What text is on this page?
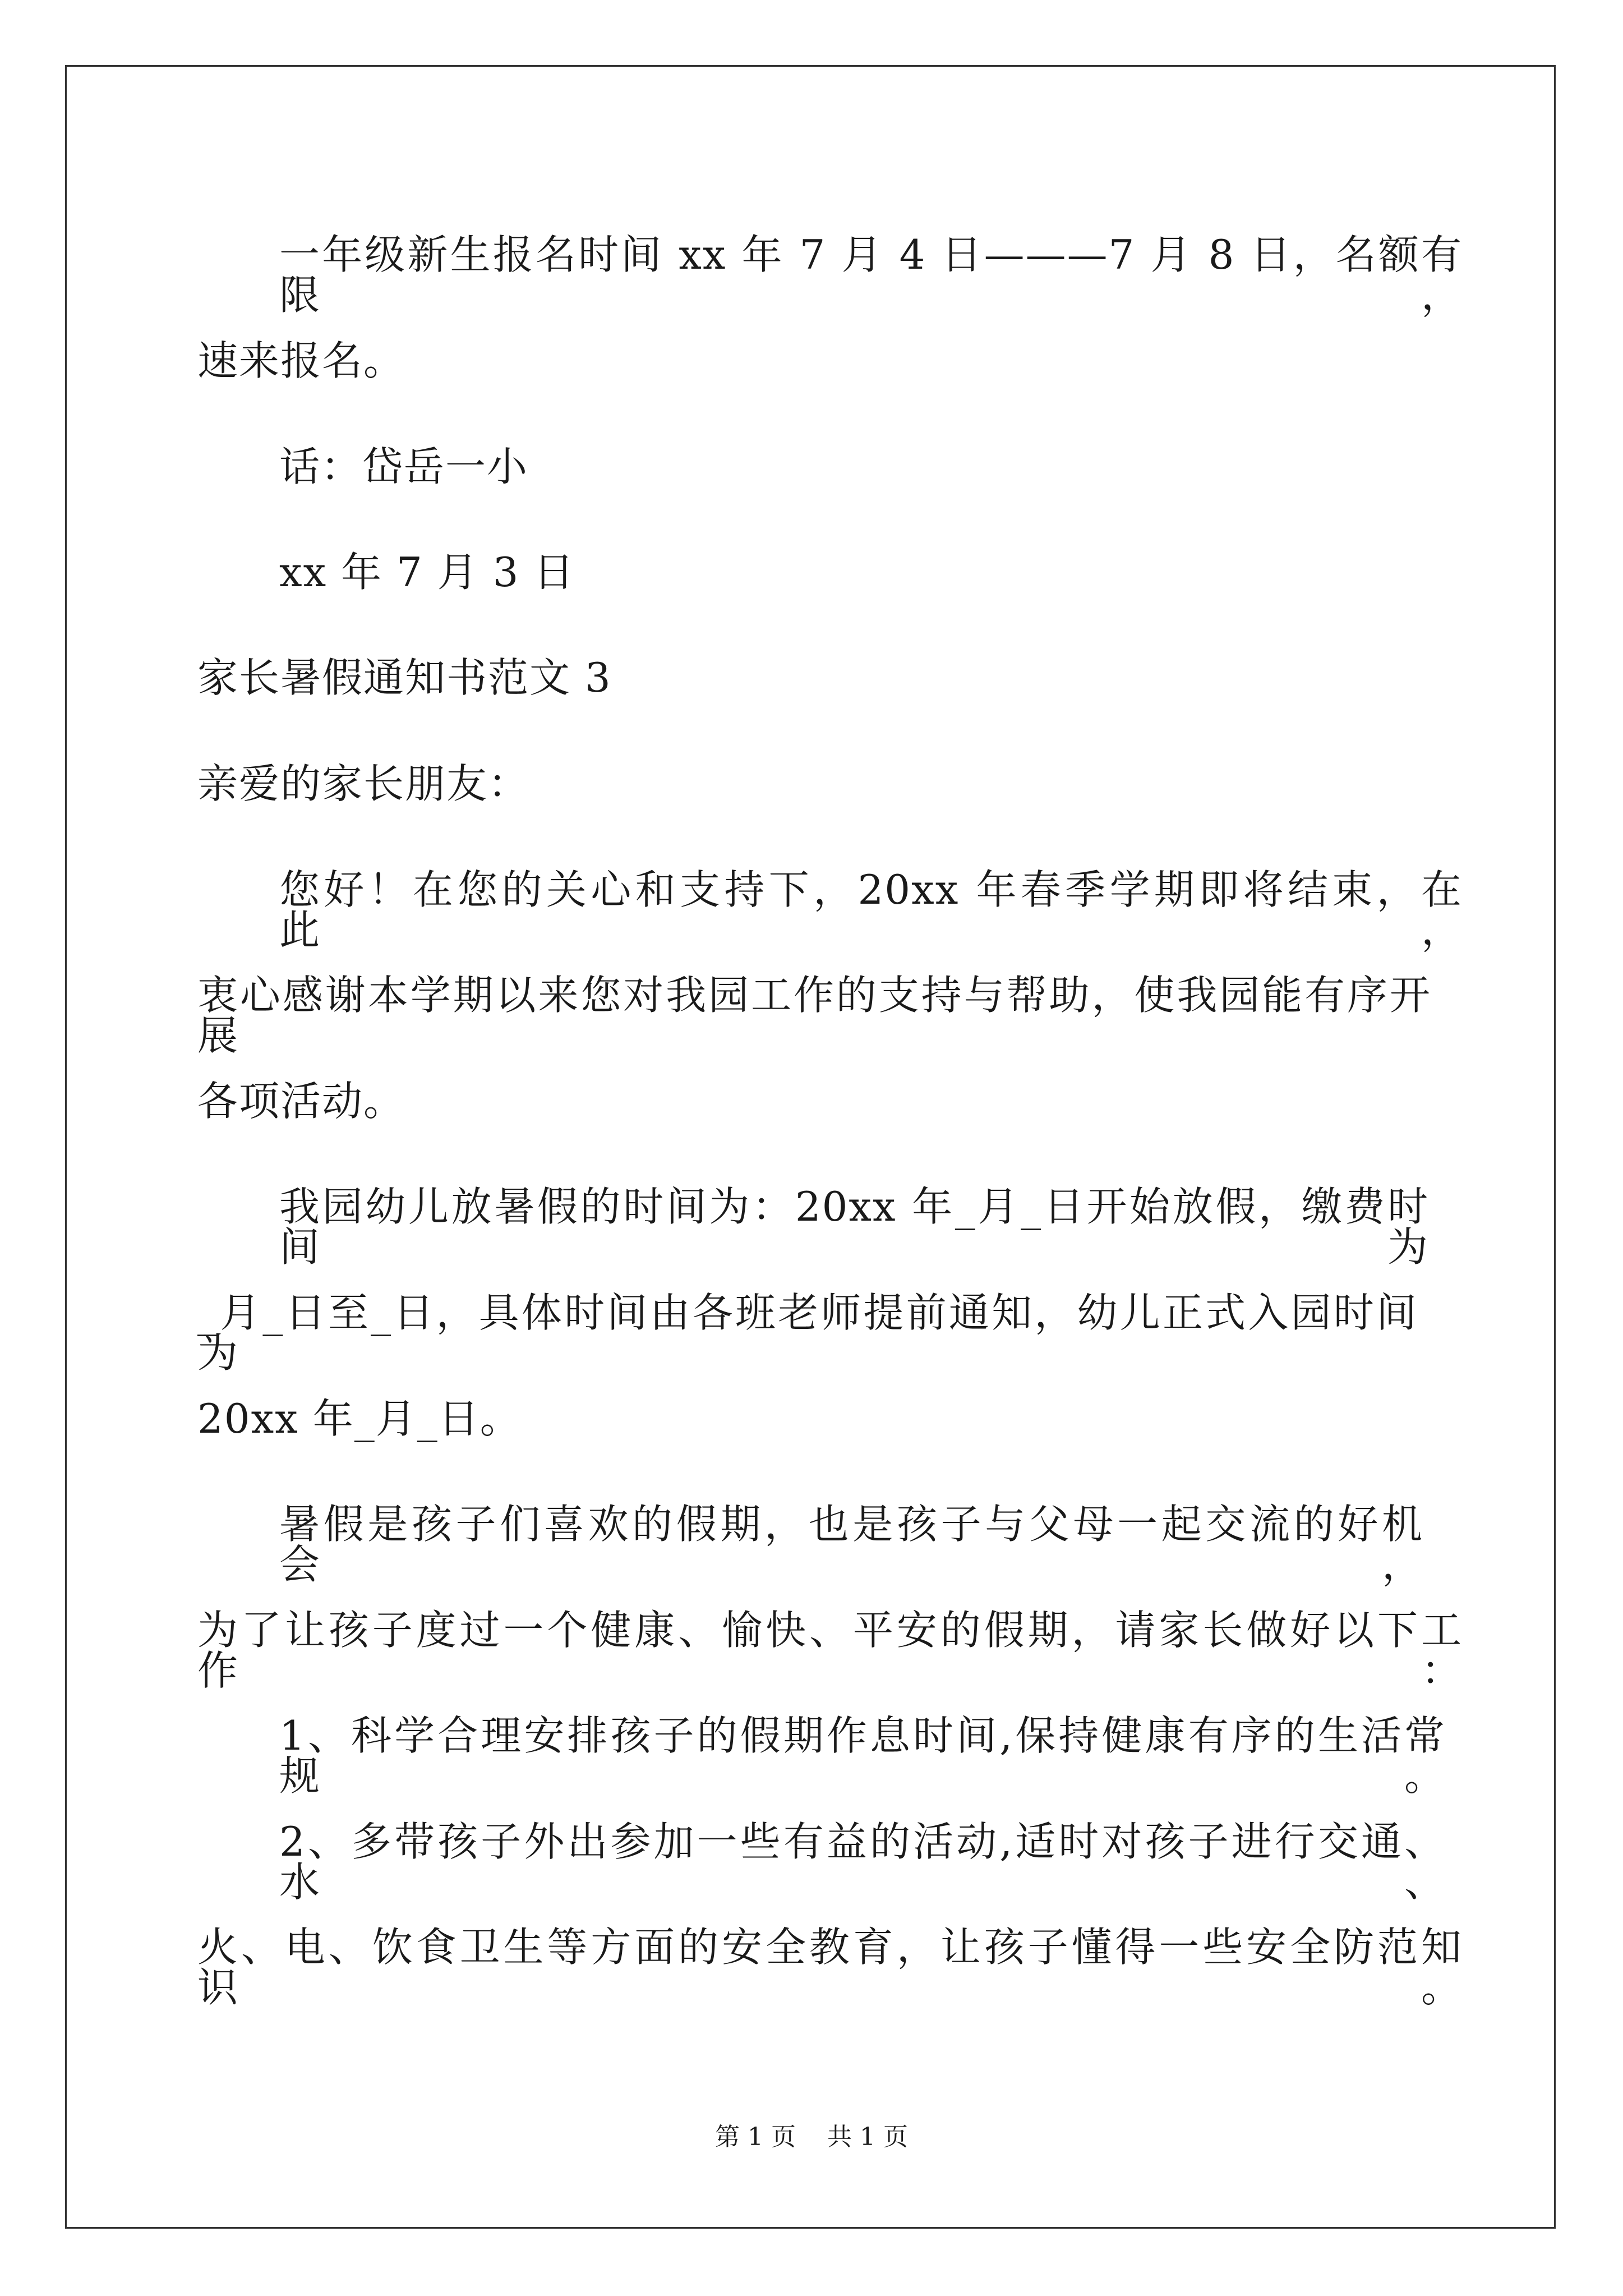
一年级新生报名时间 xx 年 7 月 4 日———7 月 8 日，名额有限，
速来报名。
话：岱岳一小
xx 年 7 月 3 日
家长暑假通知书范文 3
亲爱的家长朋友：
您好！在您的关心和支持下，20xx 年春季学期即将结束，在此，
衷心感谢本学期以来您对我园工作的支持与帮助，使我园能有序开展
各项活动。
我园幼儿放暑假的时间为：20xx 年_月_日开始放假，缴费时间为
_月_日至_日，具体时间由各班老师提前通知，幼儿正式入园时间为
20xx 年_月_日。
暑假是孩子们喜欢的假期，也是孩子与父母一起交流的好机会，
为了让孩子度过一个健康、愉快、平安的假期，请家长做好以下工作：
1、科学合理安排孩子的假期作息时间,保持健康有序的生活常规。
2、多带孩子外出参加一些有益的活动,适时对孩子进行交通、水、
火、电、饮食卫生等方面的安全教育，让孩子懂得一些安全防范知识。
第 1 页 共 1 页
